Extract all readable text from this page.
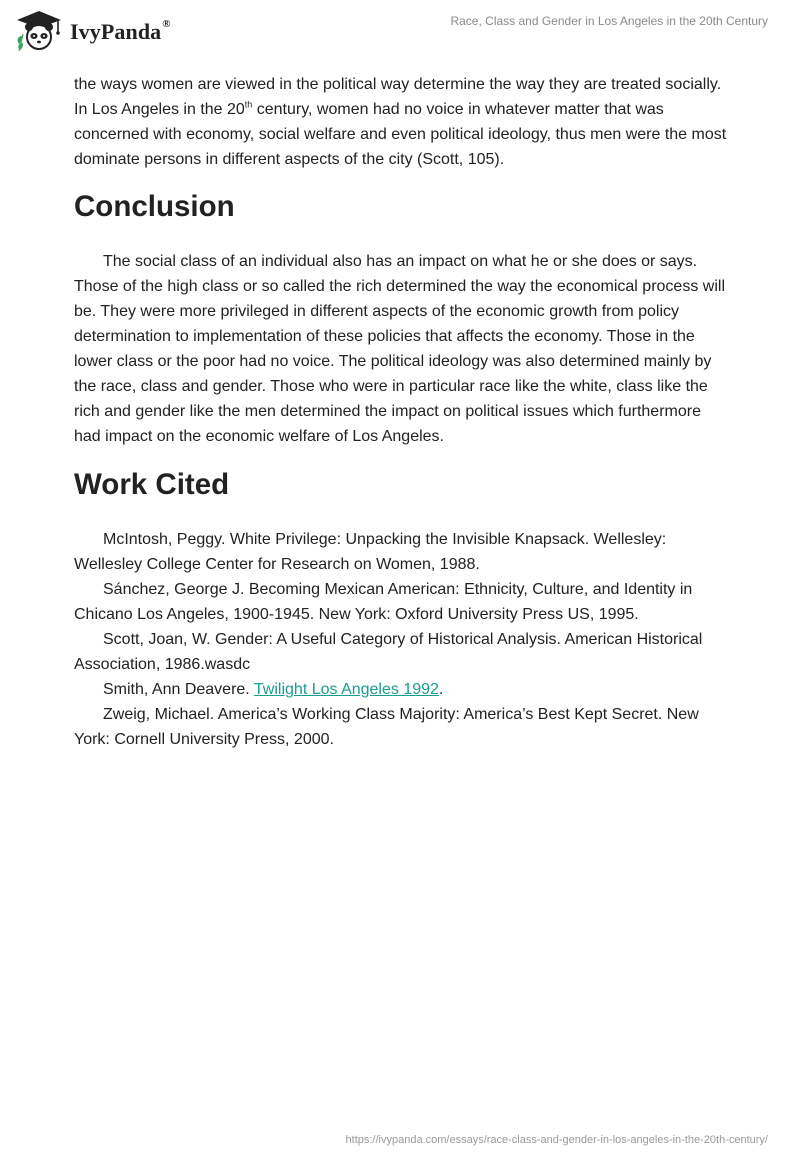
IvyPanda®	Race, Class and Gender in Los Angeles in the 20th Century

the ways women are viewed in the political way determine the way they are treated socially. In Los Angeles in the 20th century, women had no voice in whatever matter that was concerned with economy, social welfare and even political ideology, thus men were the most dominate persons in different aspects of the city (Scott, 105).

Conclusion

The social class of an individual also has an impact on what he or she does or says. Those of the high class or so called the rich determined the way the economical process will be. They were more privileged in different aspects of the economic growth from policy determination to implementation of these policies that affects the economy. Those in the lower class or the poor had no voice. The political ideology was also determined mainly by the race, class and gender. Those who were in particular race like the white, class like the rich and gender like the men determined the impact on political issues which furthermore had impact on the economic welfare of Los Angeles.

Work Cited

McIntosh, Peggy. White Privilege: Unpacking the Invisible Knapsack. Wellesley: Wellesley College Center for Research on Women, 1988.

Sánchez, George J. Becoming Mexican American: Ethnicity, Culture, and Identity in Chicano Los Angeles, 1900-1945. New York: Oxford University Press US, 1995.

Scott, Joan, W. Gender: A Useful Category of Historical Analysis. American Historical Association, 1986.wasdc

Smith, Ann Deavere. Twilight Los Angeles 1992.

Zweig, Michael. America’s Working Class Majority: America’s Best Kept Secret. New York: Cornell University Press, 2000.

https://ivypanda.com/essays/race-class-and-gender-in-los-angeles-in-the-20th-century/
